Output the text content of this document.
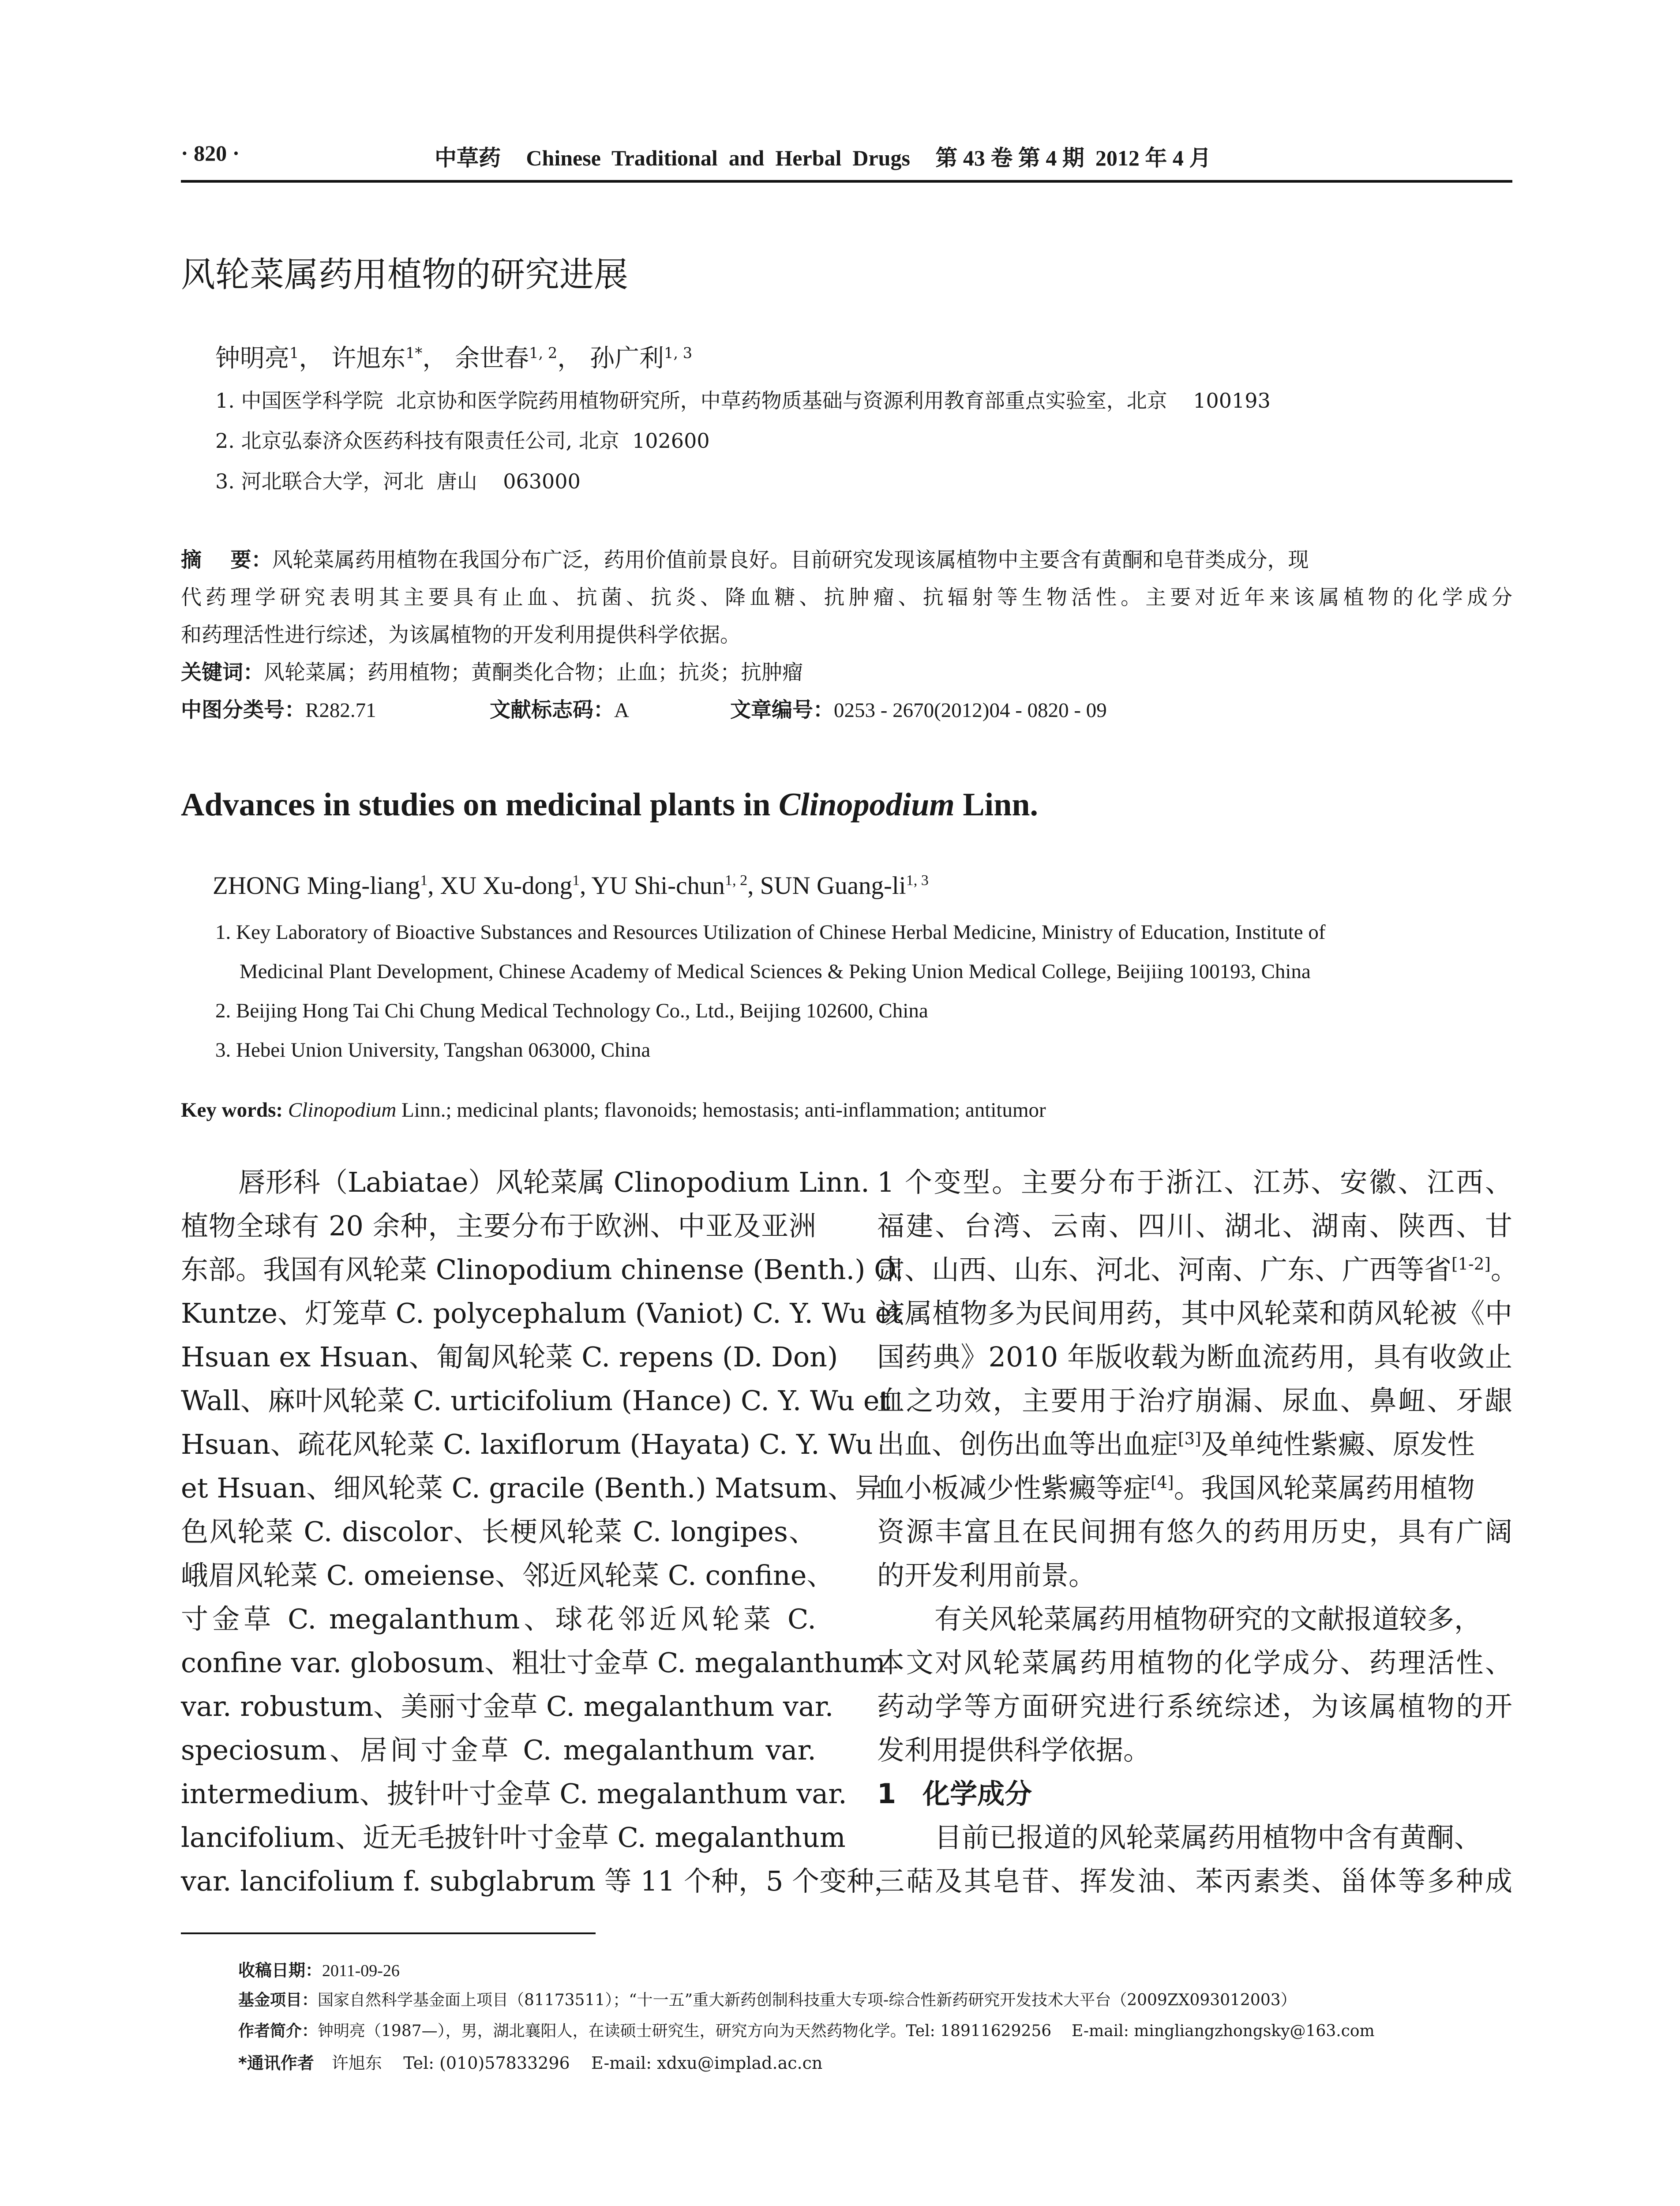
· 820 ·	中草药 Chinese  Traditional  and  Herbal  Drugs 第 43 卷 第 4 期  2012 年 4 月
风轮菜属药用植物的研究进展
钟明亮$^1$， 许旭东$^{1*}$， 余世春$^{1, 2}$， 孙广利$^{1, 3}$
1. 中国医学科学院  北京协和医学院药用植物研究所，中草药物质基础与资源利用教育部重点实验室，北京    100193
2. 北京弘泰济众医药科技有限责任公司, 北京  102600
3. 河北联合大学，河北  唐山    063000
摘    要：风轮菜属药用植物在我国分布广泛，药用价值前景良好。目前研究发现该属植物中主要含有黄酮和皂苷类成分，现
代药理学研究表明其主要具有止血、抗菌、抗炎、降血糖、抗肿瘤、抗辐射等生物活性。主要对近年来该属植物的化学成分
和药理活性进行综述，为该属植物的开发利用提供科学依据。
关键词：风轮菜属；药用植物；黄酮类化合物；止血；抗炎；抗肿瘤
中图分类号：R282.71	文献标志码：A	文章编号：0253 - 2670(2012)04 - 0820 - 09
Advances in studies on medicinal plants in Clinopodium Linn.
ZHONG Ming-liang$^1$, XU Xu-dong$^1$, YU Shi-chun$^{1, 2}$, SUN Guang-li$^{1, 3}$
1. Key Laboratory of Bioactive Substances and Resources Utilization of Chinese Herbal Medicine, Ministry of Education, Institute of
Medicinal Plant Development, Chinese Academy of Medical Sciences & Peking Union Medical College, Beijiing 100193, China
2. Beijing Hong Tai Chi Chung Medical Technology Co., Ltd., Beijing 102600, China
3. Hebei Union University, Tangshan 063000, China
Key words: Clinopodium Linn.; medicinal plants; flavonoids; hemostasis; anti-inflammation; antitumor
唇形科（Labiatae）风轮菜属 Clinopodium Linn.
植物全球有 20 余种，主要分布于欧洲、中亚及亚洲
东部。我国有风轮菜 Clinopodium chinense (Benth.) O.
Kuntze、灯笼草 C. polycephalum (Vaniot) C. Y. Wu et
Hsuan ex Hsuan、匍匐风轮菜 C. repens (D. Don)
Wall、麻叶风轮菜 C. urticifolium (Hance) C. Y. Wu et
Hsuan、疏花风轮菜 C. laxiflorum (Hayata) C. Y. Wu
et Hsuan、细风轮菜 C. gracile (Benth.) Matsum、异
色风轮菜 C. discolor、长梗风轮菜 C. longipes、
峨眉风轮菜 C. omeiense、邻近风轮菜 C. confine、
寸金草 C. megalanthum、球花邻近风轮菜 C.
confine var. globosum、粗壮寸金草 C. megalanthum
var. robustum、美丽寸金草 C. megalanthum var.
speciosum、居间寸金草 C. megalanthum var.
intermedium、披针叶寸金草 C. megalanthum var.
lancifolium、近无毛披针叶寸金草 C. megalanthum
var. lancifolium f. subglabrum 等 11 个种，5 个变种，
1 个变型。主要分布于浙江、江苏、安徽、江西、
福建、台湾、云南、四川、湖北、湖南、陕西、甘
肃、山西、山东、河北、河南、广东、广西等省[1-2]。
该属植物多为民间用药，其中风轮菜和荫风轮被《中
国药典》2010 年版收载为断血流药用，具有收敛止
血之功效，主要用于治疗崩漏、尿血、鼻衄、牙龈
出血、创伤出血等出血症[3]及单纯性紫癜、原发性
血小板减少性紫癜等症[4]。我国风轮菜属药用植物
资源丰富且在民间拥有悠久的药用历史，具有广阔
的开发利用前景。
有关风轮菜属药用植物研究的文献报道较多，
本文对风轮菜属药用植物的化学成分、药理活性、
药动学等方面研究进行系统综述，为该属植物的开
发利用提供科学依据。
1 化学成分
目前已报道的风轮菜属药用植物中含有黄酮、
三萜及其皂苷、挥发油、苯丙素类、甾体等多种成
收稿日期：2011-09-26
基金项目：国家自然科学基金面上项目（81173511）；“十一五”重大新药创制科技重大专项-综合性新药研究开发技术大平台（2009ZX093012003）
作者简介：钟明亮（1987—），男，湖北襄阳人，在读硕士研究生，研究方向为天然药物化学。Tel: 18911629256    E-mail: mingliangzhongsky@163.com
*通讯作者 许旭东    Tel: (010)57833296    E-mail: xdxu@implad.ac.cn
